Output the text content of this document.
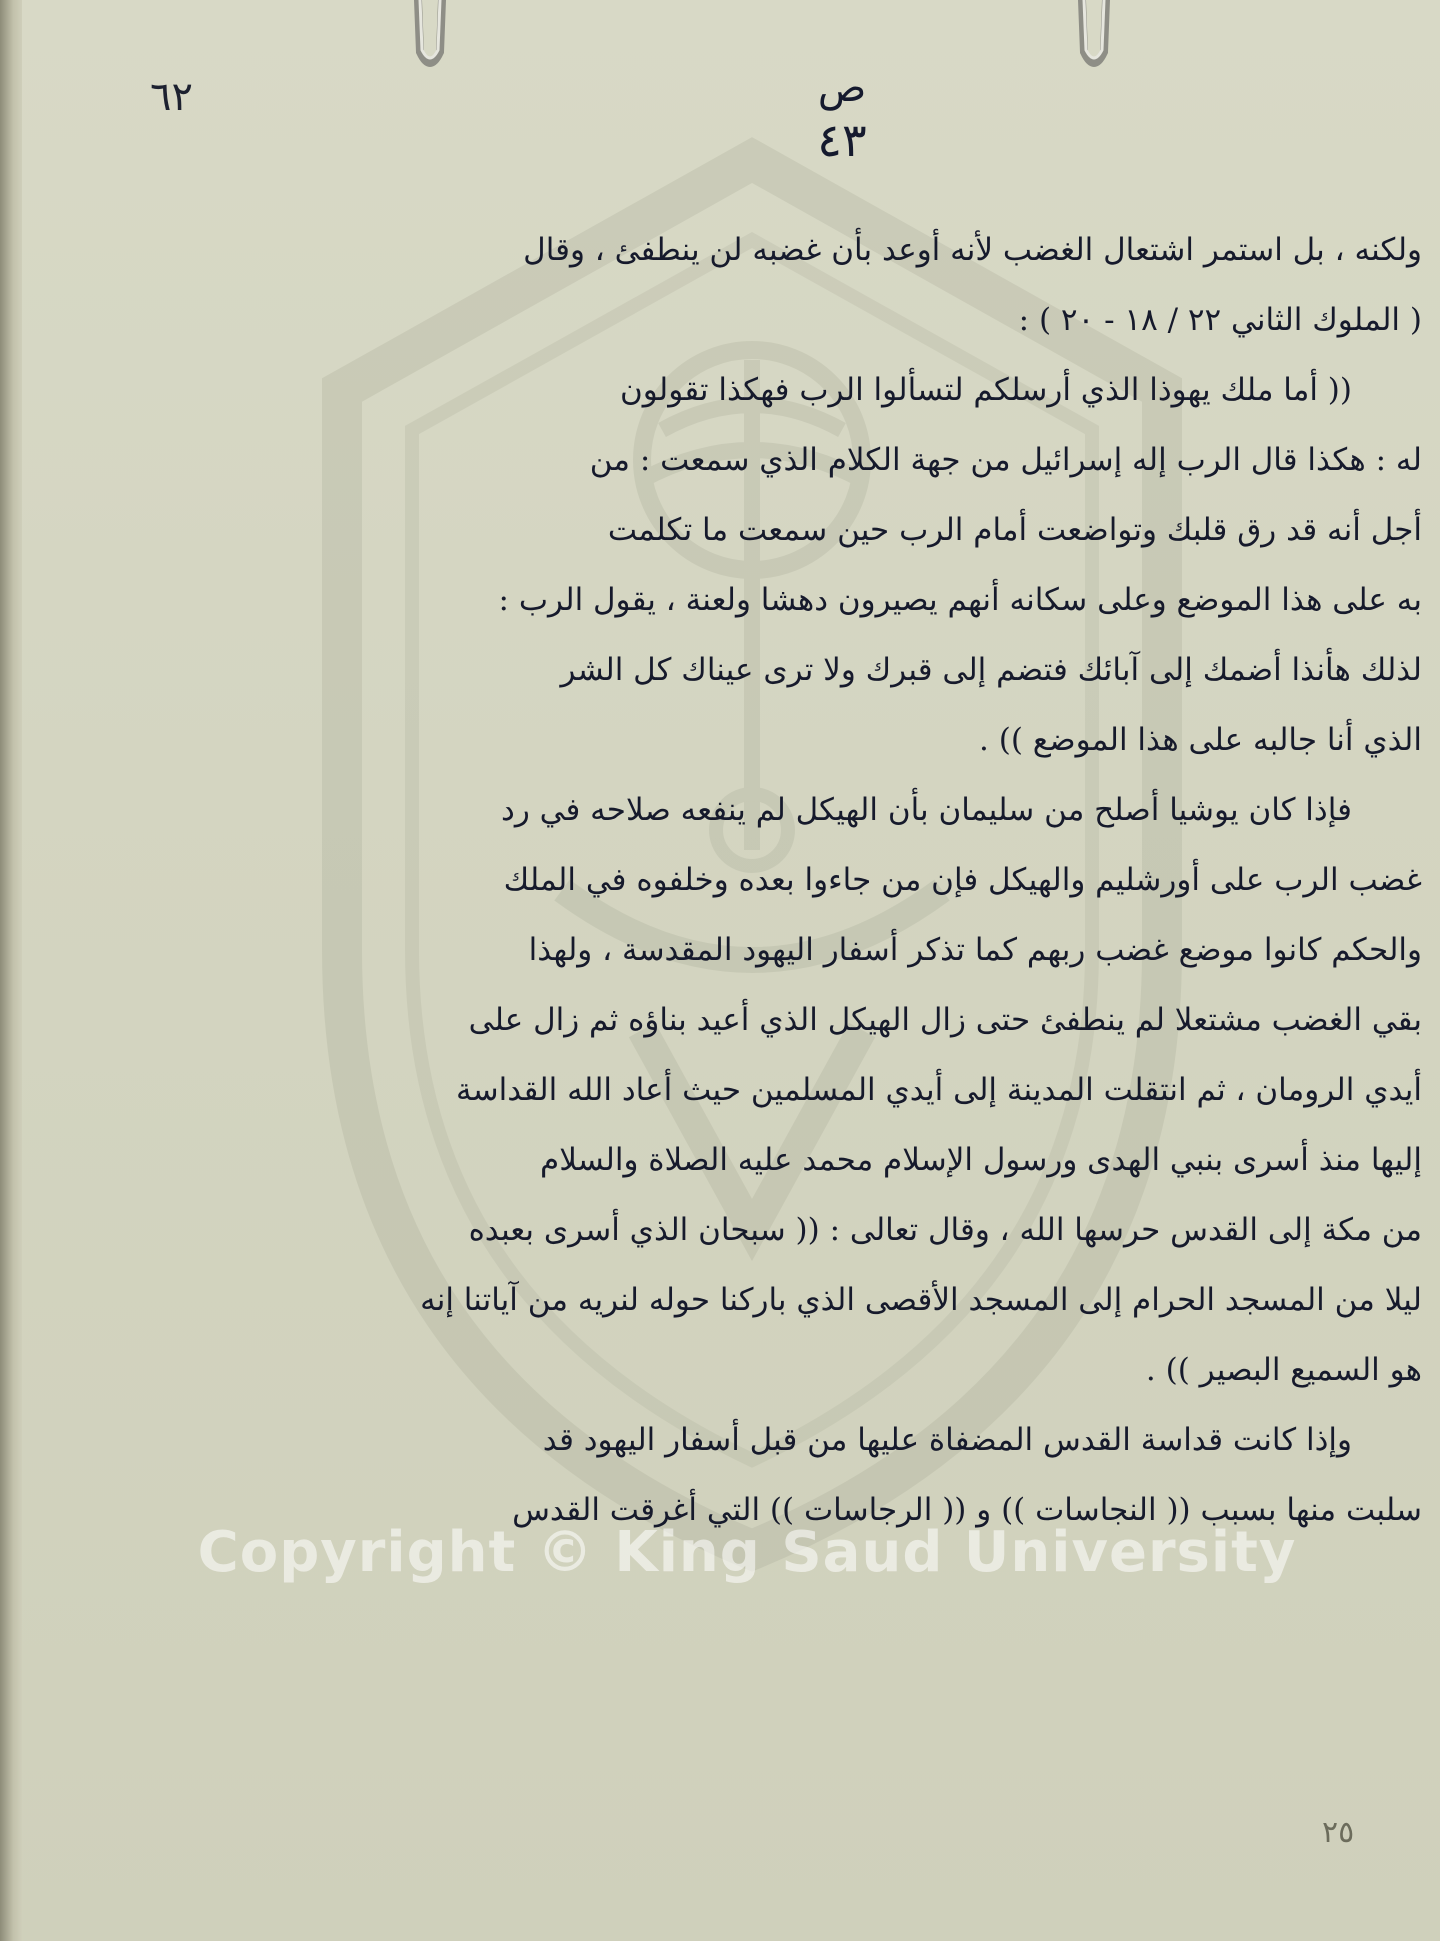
٦٢	ص
٤٣
ولكنه ، بل استمر اشتعال الغضب لأنه أوعد بأن غضبه لن ينطفئ ، وقال
( الملوك الثاني ٢٢ / ١٨ - ٢٠ ) :
(( أما ملك يهوذا الذي أرسلكم لتسألوا الرب فهكذا تقولون
له : هكذا قال الرب إله إسرائيل من جهة الكلام الذي سمعت : من
أجل أنه قد رق قلبك وتواضعت أمام الرب حين سمعت ما تكلمت
به على هذا الموضع وعلى سكانه أنهم يصيرون دهشا ولعنة ، يقول الرب :
لذلك هأنذا أضمك إلى آبائك فتضم إلى قبرك ولا ترى عيناك كل الشر
الذي أنا جالبه على هذا الموضع )) .
فإذا كان يوشيا أصلح من سليمان بأن الهيكل لم ينفعه صلاحه في رد
غضب الرب على أورشليم والهيكل فإن من جاءوا بعده وخلفوه في الملك
والحكم كانوا موضع غضب ربهم كما تذكر أسفار اليهود المقدسة ، ولهذا
بقي الغضب مشتعلا لم ينطفئ حتى زال الهيكل الذي أعيد بناؤه ثم زال على
أيدي الرومان ، ثم انتقلت المدينة إلى أيدي المسلمين حيث أعاد الله القداسة
إليها منذ أسرى بنبي الهدى ورسول الإسلام محمد عليه الصلاة والسلام
من مكة إلى القدس حرسها الله ، وقال تعالى : (( سبحان الذي أسرى بعبده
ليلا من المسجد الحرام إلى المسجد الأقصى الذي باركنا حوله لنريه من آياتنا إنه
هو السميع البصير )) .
وإذا كانت قداسة القدس المضفاة عليها من قبل أسفار اليهود قد
سلبت منها بسبب (( النجاسات )) و (( الرجاسات )) التي أغرقت القدس
Copyright © King Saud University
٢٥
